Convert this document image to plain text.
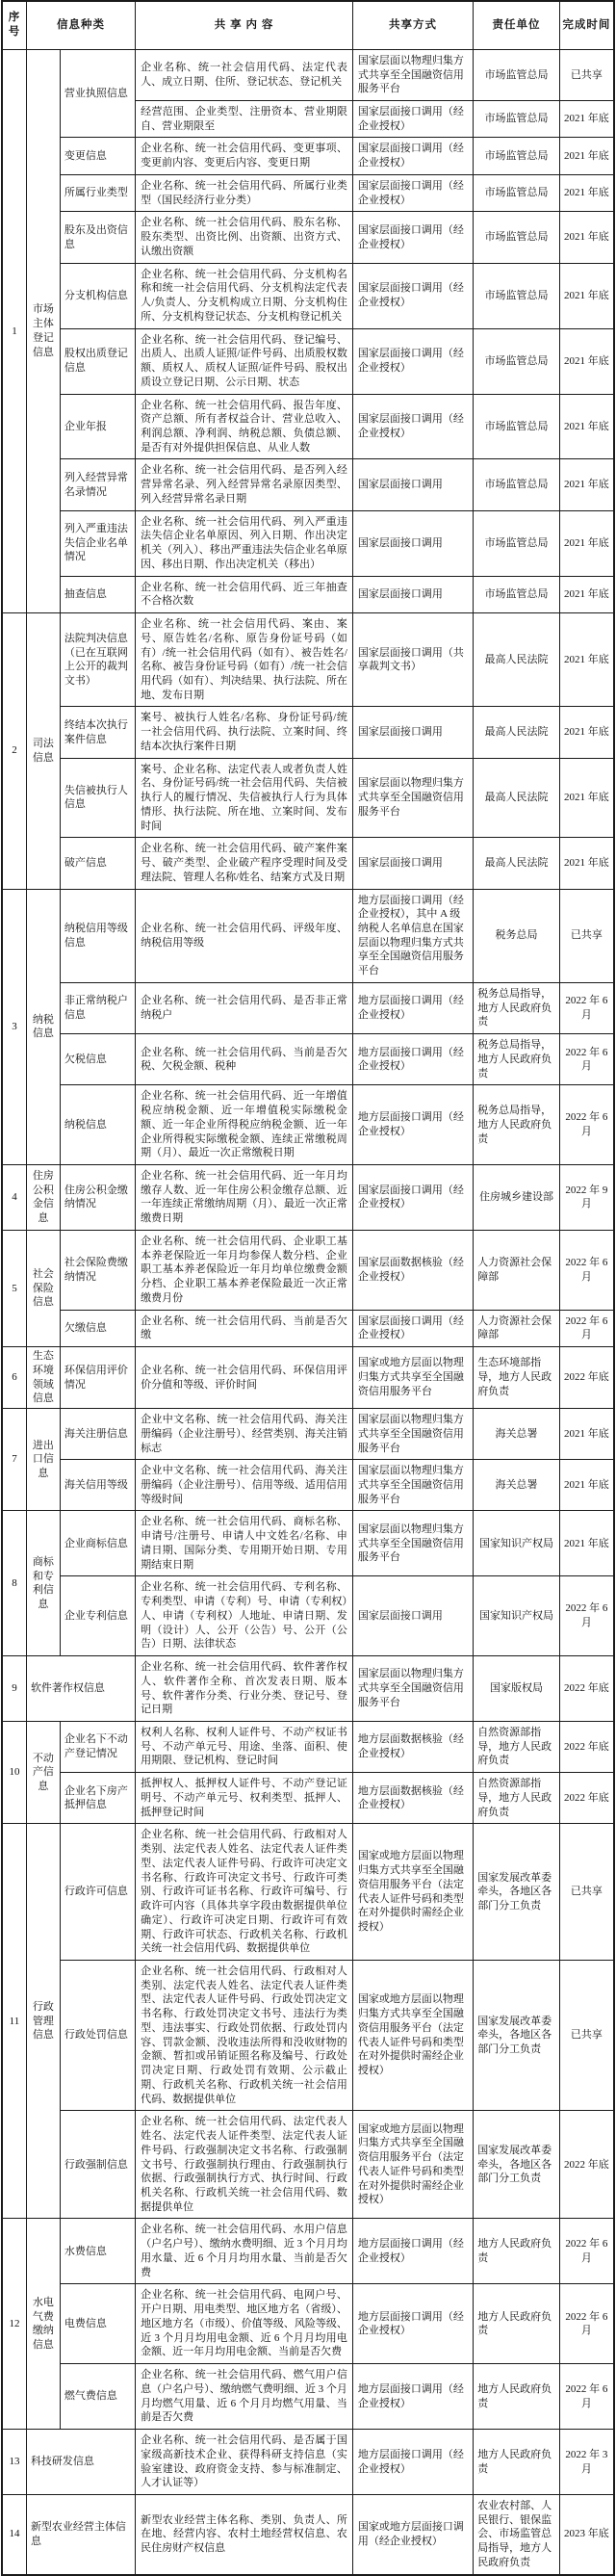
序号	信息种类		共 享 内 容	共享方式	责任单位	完成时间
1	市场主体登记信息	营业执照信息	企业名称、统一社会信用代码、法定代表人、成立日期、住所、登记状态、登记机关	国家层面以物理归集方式共享至全国融资信用服务平台	市场监管总局	已共享
			经营范围、企业类型、注册资本、营业期限自、营业期限至	国家层面接口调用（经企业授权）	市场监管总局	2021 年底
		变更信息	企业名称、统一社会信用代码、变更事项、变更前内容、变更后内容、变更日期	国家层面接口调用（经企业授权）	市场监管总局	2021 年底
		所属行业类型	企业名称、统一社会信用代码、所属行业类型（国民经济行业分类）	国家层面接口调用（经企业授权）	市场监管总局	2021 年底
		股东及出资信息	企业名称、统一社会信用代码、股东名称、股东类型、出资比例、出资额、出资方式、认缴出资额	国家层面接口调用（经企业授权）	市场监管总局	2021 年底
		分支机构信息	企业名称、统一社会信用代码、分支机构名称和统一社会信用代码、分支机构法定代表人/负责人、分支机构成立日期、分支机构住所、分支机构登记状态、分支机构登记机关	国家层面接口调用（经企业授权）	市场监管总局	2021 年底
		股权出质登记信息	企业名称、统一社会信用代码、登记编号、出质人、出质人证照/证件号码、出质股权数额、质权人、质权人证照/证件号码、股权出质设立登记日期、公示日期、状态	国家层面接口调用（经企业授权）	市场监管总局	2021 年底
		企业年报	企业名称、统一社会信用代码、报告年度、资产总额、所有者权益合计、营业总收入、利润总额、净利润、纳税总额、负债总额、是否有对外提供担保信息、从业人数	国家层面接口调用（经企业授权）	市场监管总局	2021 年底
		列入经营异常名录情况	企业名称、统一社会信用代码、是否列入经营异常名录、列入经营异常名录原因类型、列入经营异常名录日期	国家层面接口调用	市场监管总局	2021 年底
		列入严重违法失信企业名单情况	企业名称、统一社会信用代码、列入严重违法失信企业名单原因、列入日期、作出决定机关（列入）、移出严重违法失信企业名单原因、移出日期、作出决定机关（移出）	国家层面接口调用	市场监管总局	2021 年底
		抽查信息	企业名称、统一社会信用代码、近三年抽查不合格次数	国家层面接口调用	市场监管总局	2021 年底
2	司法信息	法院判决信息（已在互联网上公开的裁判文书）	企业名称、统一社会信用代码、案由、案号、原告姓名/名称、原告身份证号码（如有）/统一社会信用代码（如有）、被告姓名/名称、被告身份证号码（如有）/统一社会信用代码（如有）、判决结果、执行法院、所在地、发布日期	国家层面接口调用（共享裁判文书）	最高人民法院	2021 年底
		终结本次执行案件信息	案号、被执行人姓名/名称、身份证号码/统一社会信用代码、执行法院、立案时间、终结本次执行案件日期	国家层面接口调用	最高人民法院	2021 年底
		失信被执行人信息	案号、企业名称、法定代表人或者负责人姓名、身份证号码/统一社会信用代码、失信被执行人的履行情况、失信被执行人行为具体情形、执行法院、所在地、立案时间、发布时间	国家层面以物理归集方式共享至全国融资信用服务平台	最高人民法院	2021 年底
		破产信息	企业名称、统一社会信用代码、破产案件案号、破产类型、企业破产程序受理时间及受理法院、管理人名称/姓名、结案方式及日期	国家层面接口调用	最高人民法院	2021 年底
3	纳税信息	纳税信用等级信息	企业名称、统一社会信用代码、评级年度、纳税信用等级	地方层面接口调用（经企业授权），其中 A 级纳税人名单信息在国家层面以物理归集方式共享至全国融资信用服务平台	税务总局	已共享
		非正常纳税户信息	企业名称、统一社会信用代码、是否非正常纳税户	地方层面接口调用（经企业授权）	税务总局指导，地方人民政府负责	2022 年 6 月
		欠税信息	企业名称、统一社会信用代码、当前是否欠税、欠税金额、税种	地方层面接口调用（经企业授权）	税务总局指导，地方人民政府负责	2022 年 6 月
		纳税信息	企业名称、统一社会信用代码、近一年增值税应纳税金额、近一年增值税实际缴税金额、近一年企业所得税应纳税金额、近一年企业所得税实际缴税金额、连续正常缴税周期（月）、最近一次正常缴税日期	地方层面接口调用（经企业授权）	税务总局指导，地方人民政府负责	2022 年 6 月
4	住房公积金信息	住房公积金缴纳情况	企业名称、统一社会信用代码、近一年月均缴存人数、近一年住房公积金缴存总额、近一年连续正常缴纳周期（月）、最近一次正常缴费日期	国家层面接口调用（经企业授权）	住房城乡建设部	2022 年 9 月
5	社会保险信息	社会保险费缴纳情况	企业名称、统一社会信用代码、企业职工基本养老保险近一年月均参保人数分档、企业职工基本养老保险近一年月均单位缴费金额分档、企业职工基本养老保险最近一次正常缴费月份	国家层面数据核验（经企业授权）	人力资源社会保障部	2022 年 6 月
		欠缴信息	企业名称、统一社会信用代码、当前是否欠缴	国家层面接口调用（经企业授权）	人力资源社会保障部	2022 年 6 月
6	生态环境领域信息	环保信用评价情况	企业名称、统一社会信用代码、环保信用评价分值和等级、评价时间	国家或地方层面以物理归集方式共享至全国融资信用服务平台	生态环境部指导，地方人民政府负责	2022 年底
7	进出口信息	海关注册信息	企业中文名称、统一社会信用代码、海关注册编码（企业注册号）、经营类别、海关注销标志	国家层面以物理归集方式共享至全国融资信用服务平台	海关总署	2021 年底
		海关信用等级	企业中文名称、统一社会信用代码、海关注册编码（企业注册号）、信用等级、适用信用等级时间	国家层面以物理归集方式共享至全国融资信用服务平台	海关总署	2021 年底
8	商标和专利信息	企业商标信息	企业名称、统一社会信用代码、商标名称、申请号/注册号、申请人中文姓名/名称、申请日期、国际分类、专用期开始日期、专用期结束日期	国家层面以物理归集方式共享至全国融资信用服务平台	国家知识产权局	2021 年底
		企业专利信息	企业名称、统一社会信用代码、专利名称、专利类型、申请（专利）号、申请（专利权）人、申请（专利权）人地址、申请日期、发明（设计）人、公开（公告）号、公开（公告）日期、法律状态	国家层面接口调用	国家知识产权局	2022 年 6 月
9	软件著作权信息		企业名称、统一社会信用代码、软件著作权人、软件著作全称、首次发表日期、版本号、软件著作分类、行业分类、登记号、登记日期	国家层面以物理归集方式共享至全国融资信用服务平台	国家版权局	2022 年底
10	不动产信息	企业名下不动产登记情况	权利人名称、权利人证件号、不动产权证书号、不动产单元号、用途、坐落、面积、使用期限、登记机构、登记时间	地方层面数据核验（经企业授权）	自然资源部指导，地方人民政府负责	2022 年底
		企业名下房产抵押信息	抵押权人、抵押权人证件号、不动产登记证明号、不动产单元号、权利类型、抵押人、抵押登记时间	地方层面数据核验（经企业授权）	自然资源部指导，地方人民政府负责	2022 年底
11	行政管理信息	行政许可信息	企业名称、统一社会信用代码、行政相对人类别、法定代表人姓名、法定代表人证件类型、法定代表人证件号码、行政许可决定文书名称、行政许可决定文书号、行政许可类别、行政许可证书名称、行政许可编号、行政许可内容（具体共享字段由数据提供单位确定）、行政许可决定日期、行政许可有效期、行政许可状态、行政机关名称、行政机关统一社会信用代码、数据提供单位	国家或地方层面以物理归集方式共享至全国融资信用服务平台（法定代表人证件号码和类型在对外提供时需经企业授权）	国家发展改革委牵头，各地区各部门分工负责	已共享
		行政处罚信息	企业名称、统一社会信用代码、行政相对人类别、法定代表人姓名、法定代表人证件类型、法定代表人证件号码、行政处罚决定文书名称、行政处罚决定文书号、违法行为类型、违法事实、行政处罚依据、行政处罚内容、罚款金额、没收违法所得和没收财物的金额、暂扣或吊销证照名称及编号、行政处罚决定日期、行政处罚有效期、公示截止期、行政机关名称、行政机关统一社会信用代码、数据提供单位	国家或地方层面以物理归集方式共享至全国融资信用服务平台（法定代表人证件号码和类型在对外提供时需经企业授权）	国家发展改革委牵头，各地区各部门分工负责	已共享
		行政强制信息	企业名称、统一社会信用代码、法定代表人姓名、法定代表人证件类型、法定代表人证件号码、行政强制决定文书名称、行政强制文书号、行政强制执行理由、行政强制执行依据、行政强制执行方式、执行时间、行政机关名称、行政机关统一社会信用代码、数据提供单位	国家或地方层面以物理归集方式共享至全国融资信用服务平台（法定代表人证件号码和类型在对外提供时需经企业授权）	国家发展改革委牵头，各地区各部门分工负责	2022 年底
12	水电气费缴纳信息	水费信息	企业名称、统一社会信用代码、水用户信息（户名户号）、缴纳水费明细、近 3 个月月均用水量、近 6 个月月均用水量、当前是否欠费	地方层面接口调用（经企业授权）	地方人民政府负责	2022 年 6 月
		电费信息	企业名称、统一社会信用代码、电网户号、开户日期、用电类型、地区地方名（省级）、地区地方名（市级）、价值等级、风险等级、近 3 个月月均用电金额、近 6 个月月均用电金额、近一年月均用电金额、当前是否欠费	地方层面接口调用（经企业授权）	地方人民政府负责	2022 年 6 月
		燃气费信息	企业名称、统一社会信用代码、燃气用户信息（户名户号）、缴纳燃气费明细、近 3 个月月均燃气用量、近 6 个月月均燃气用量、当前是否欠费	地方层面接口调用（经企业授权）	地方人民政府负责	2022 年 6 月
13	科技研发信息		企业名称、统一社会信用代码、是否属于国家级高新技术企业、获得科研支持信息（实验室建设、政府资金支持、参与标准制定、人才认证等）	地方层面接口调用（经企业授权）	地方人民政府负责	2022 年 3 月
14	新型农业经营主体信息		新型农业经营主体名称、类别、负责人、所在地、经营内容、农村土地经营权信息、农民住房财产权信息	国家或地方层面接口调用（经企业授权）	农业农村部、人民银行、银保监会、市场监管总局指导，地方人民政府负责	2023 年底
